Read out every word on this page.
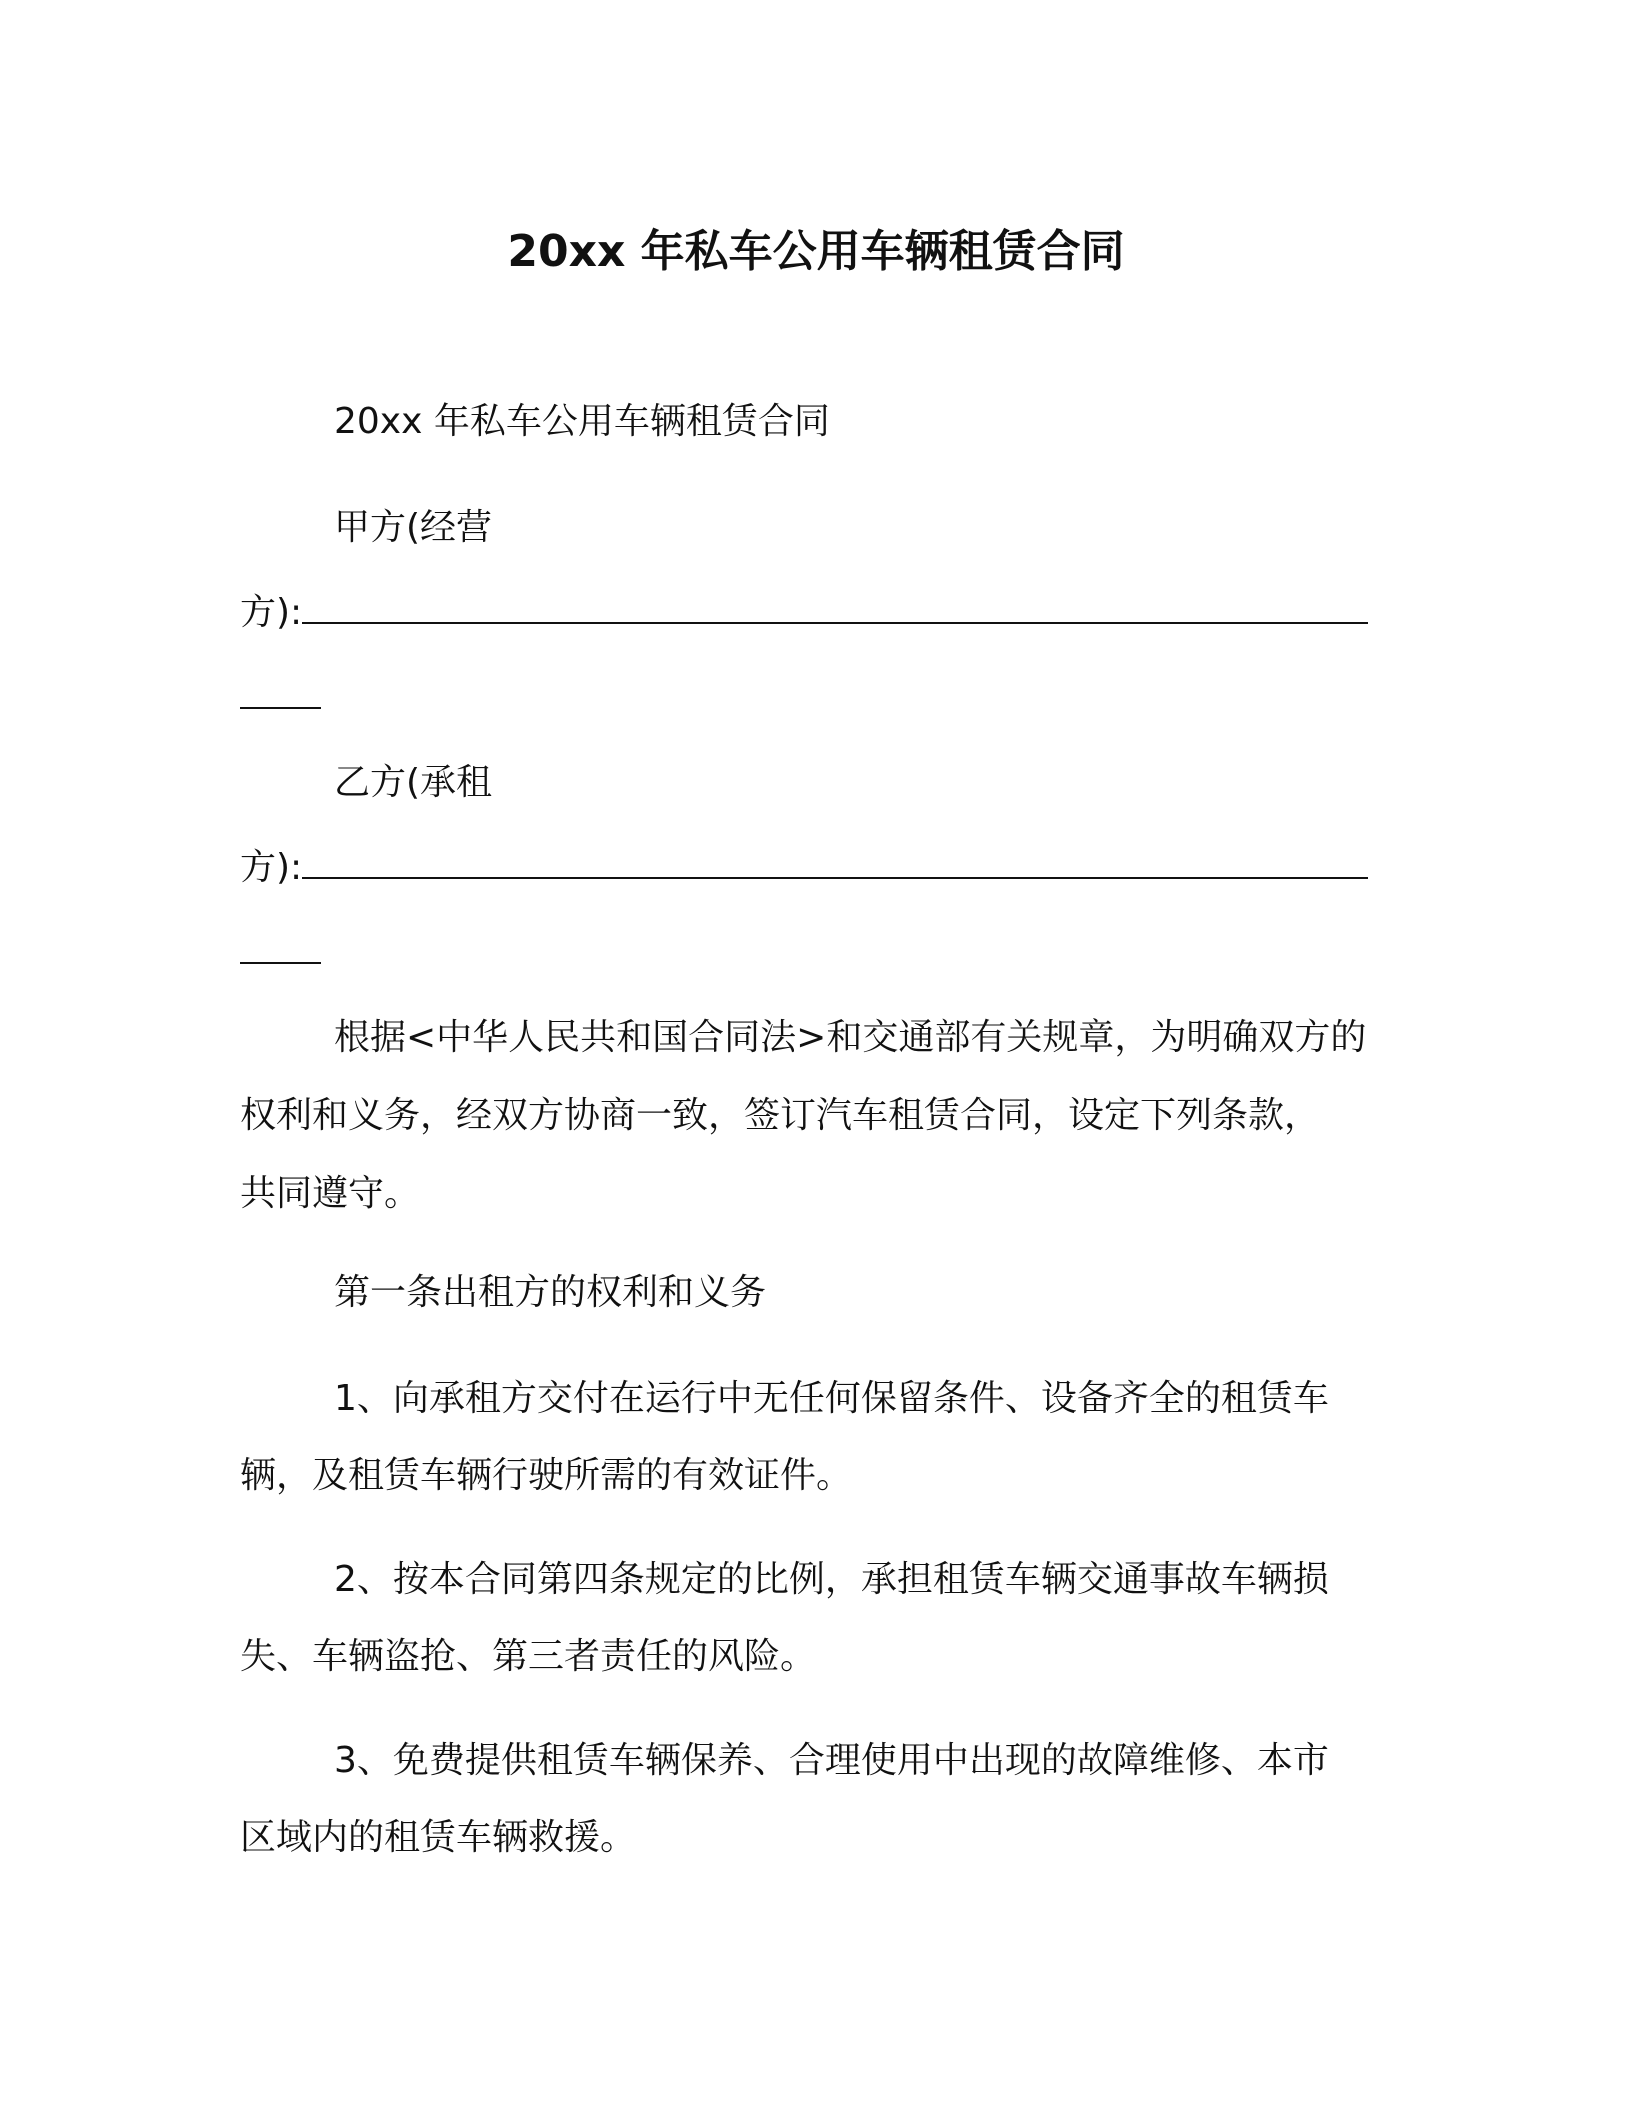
20xx 年私车公用车辆租赁合同
20xx 年私车公用车辆租赁合同
甲方(经营
方):
乙方(承租
方):
根据<中华人民共和国合同法>和交通部有关规章，为明确双方的
权利和义务，经双方协商一致，签订汽车租赁合同，设定下列条款，
共同遵守。
第一条出租方的权利和义务
1、向承租方交付在运行中无任何保留条件、设备齐全的租赁车
辆，及租赁车辆行驶所需的有效证件。
2、按本合同第四条规定的比例，承担租赁车辆交通事故车辆损
失、车辆盗抢、第三者责任的风险。
3、免费提供租赁车辆保养、合理使用中出现的故障维修、本市
区域内的租赁车辆救援。
